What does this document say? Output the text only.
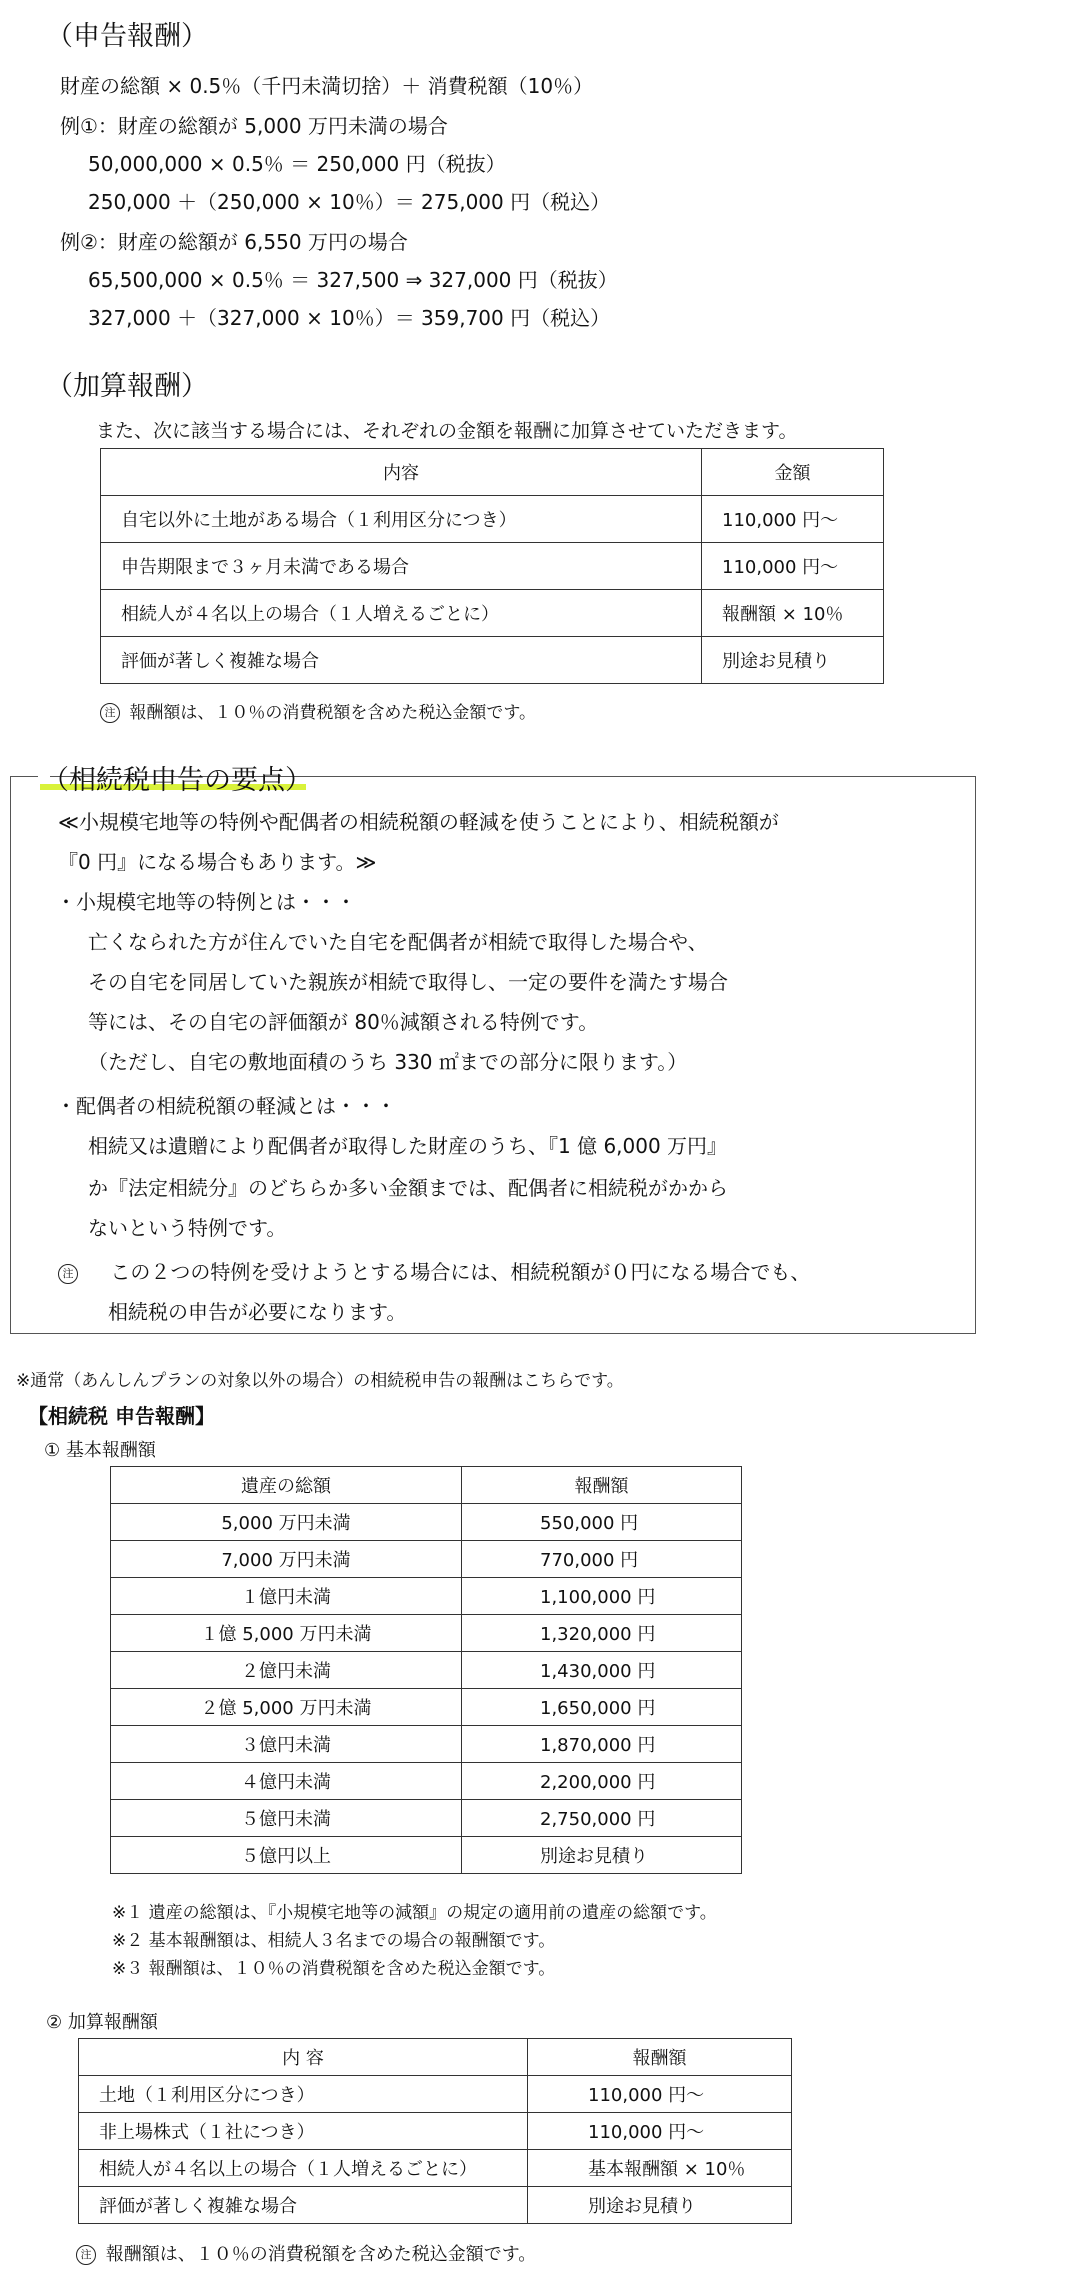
（申告報酬）
財産の総額 × 0.5％（千円未満切捨）＋ 消費税額（10％）
例①：財産の総額が 5,000 万円未満の場合
50,000,000 × 0.5％ ＝ 250,000 円（税抜）
250,000 ＋（250,000 × 10％）＝ 275,000 円（税込）
例②：財産の総額が 6,550 万円の場合
65,500,000 × 0.5％ ＝ 327,500 ⇒ 327,000 円（税抜）
327,000 ＋（327,000 × 10％）＝ 359,700 円（税込）
（加算報酬）
また、次に該当する場合には、それぞれの金額を報酬に加算させていただきます。
内容	金額
自宅以外に土地がある場合（１利用区分につき）	110,000 円～
申告期限まで３ヶ月未満である場合	110,000 円～
相続人が４名以上の場合（１人増えるごとに）	報酬額 × 10％
評価が著しく複雑な場合	別途お見積り
注 報酬額は、１０％の消費税額を含めた税込金額です。
（相続税申告の要点）
≪小規模宅地等の特例や配偶者の相続税額の軽減を使うことにより、相続税額が
『0 円』になる場合もあります。≫
・小規模宅地等の特例とは・・・
亡くなられた方が住んでいた自宅を配偶者が相続で取得した場合や、
その自宅を同居していた親族が相続で取得し、一定の要件を満たす場合
等には、その自宅の評価額が 80％減額される特例です。
（ただし、自宅の敷地面積のうち 330 ㎡までの部分に限ります。）
・配偶者の相続税額の軽減とは・・・
相続又は遺贈により配偶者が取得した財産のうち、『1 億 6,000 万円』
か『法定相続分』のどちらか多い金額までは、配偶者に相続税がかから
ないという特例です。
注 この２つの特例を受けようとする場合には、相続税額が０円になる場合でも、
相続税の申告が必要になります。
※通常（あんしんプランの対象以外の場合）の相続税申告の報酬はこちらです。
【相続税 申告報酬】
① 基本報酬額
遺産の総額	報酬額
5,000 万円未満	550,000 円
7,000 万円未満	770,000 円
１億円未満	1,100,000 円
１億 5,000 万円未満	1,320,000 円
２億円未満	1,430,000 円
２億 5,000 万円未満	1,650,000 円
３億円未満	1,870,000 円
４億円未満	2,200,000 円
５億円未満	2,750,000 円
５億円以上	別途お見積り
※１ 遺産の総額は、『小規模宅地等の減額』の規定の適用前の遺産の総額です。
※２ 基本報酬額は、相続人３名までの場合の報酬額です。
※３ 報酬額は、１０％の消費税額を含めた税込金額です。
② 加算報酬額
内 容	報酬額
土地（１利用区分につき）	110,000 円～
非上場株式（１社につき）	110,000 円～
相続人が４名以上の場合（１人増えるごとに）	基本報酬額 × 10％
評価が著しく複雑な場合	別途お見積り
注 報酬額は、１０％の消費税額を含めた税込金額です。
